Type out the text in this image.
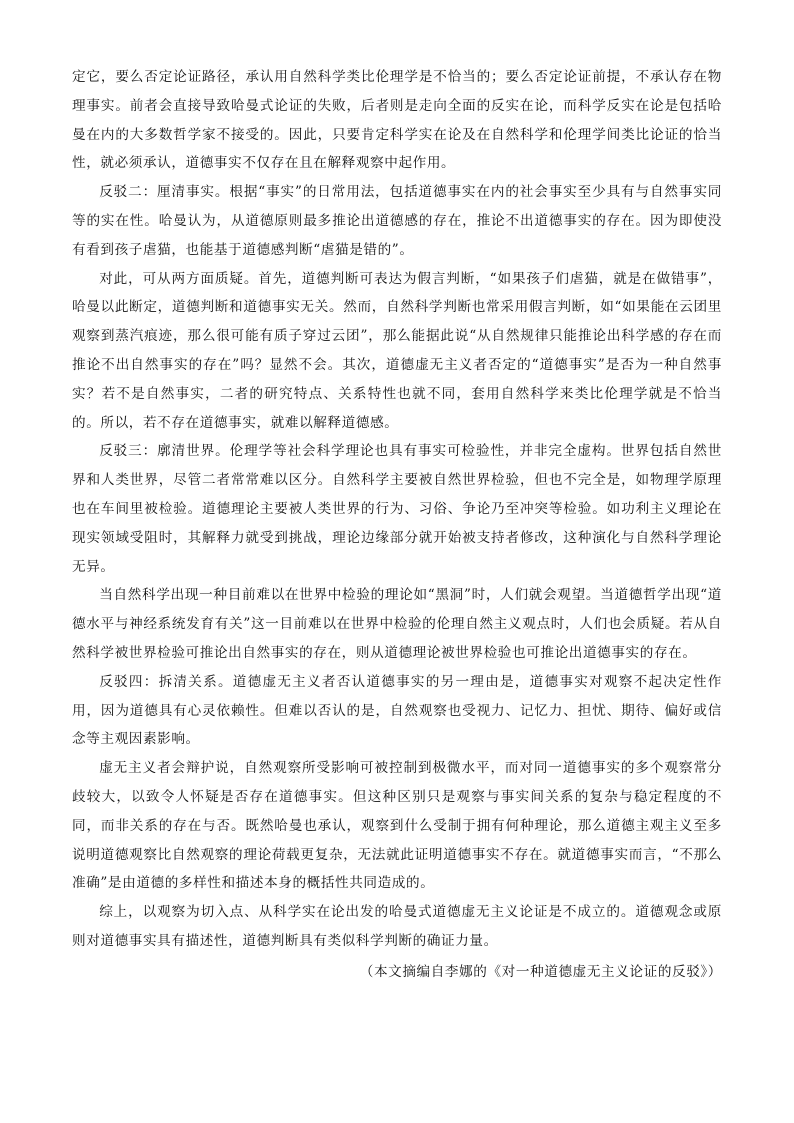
定它，要么否定论证路径，承认用自然科学类比伦理学是不恰当的；要么否定论证前提，不承认存在物理事实。前者会直接导致哈曼式论证的失败，后者则是走向全面的反实在论，而科学反实在论是包括哈曼在内的大多数哲学家不接受的。因此，只要肯定科学实在论及在自然科学和伦理学间类比论证的恰当性，就必须承认，道德事实不仅存在且在解释观察中起作用。

反驳二：厘清事实。根据“事实”的日常用法，包括道德事实在内的社会事实至少具有与自然事实同等的实在性。哈曼认为，从道德原则最多推论出道德感的存在，推论不出道德事实的存在。因为即使没有看到孩子虐猫，也能基于道德感判断“虐猫是错的”。

对此，可从两方面质疑。首先，道德判断可表达为假言判断，“如果孩子们虐猫，就是在做错事”，哈曼以此断定，道德判断和道德事实无关。然而，自然科学判断也常采用假言判断，如“如果能在云团里观察到蒸汽痕迹，那么很可能有质子穿过云团”，那么能据此说“从自然规律只能推论出科学感的存在而推论不出自然事实的存在”吗？显然不会。其次，道德虚无主义者否定的“道德事实”是否为一种自然事实？若不是自然事实，二者的研究特点、关系特性也就不同，套用自然科学来类比伦理学就是不恰当的。所以，若不存在道德事实，就难以解释道德感。

反驳三：廓清世界。伦理学等社会科学理论也具有事实可检验性，并非完全虚构。世界包括自然世界和人类世界，尽管二者常常难以区分。自然科学主要被自然世界检验，但也不完全是，如物理学原理也在车间里被检验。道德理论主要被人类世界的行为、习俗、争论乃至冲突等检验。如功利主义理论在现实领域受阻时，其解释力就受到挑战，理论边缘部分就开始被支持者修改，这种演化与自然科学理论无异。

当自然科学出现一种目前难以在世界中检验的理论如“黑洞”时，人们就会观望。当道德哲学出现“道德水平与神经系统发育有关”这一目前难以在世界中检验的伦理自然主义观点时，人们也会质疑。若从自然科学被世界检验可推论出自然事实的存在，则从道德理论被世界检验也可推论出道德事实的存在。

反驳四：拆清关系。道德虚无主义者否认道德事实的另一理由是，道德事实对观察不起决定性作用，因为道德具有心灵依赖性。但难以否认的是，自然观察也受视力、记忆力、担忧、期待、偏好或信念等主观因素影响。

虚无主义者会辩护说，自然观察所受影响可被控制到极微水平，而对同一道德事实的多个观察常分歧较大，以致令人怀疑是否存在道德事实。但这种区别只是观察与事实间关系的复杂与稳定程度的不同，而非关系的存在与否。既然哈曼也承认，观察到什么受制于拥有何种理论，那么道德主观主义至多说明道德观察比自然观察的理论荷载更复杂，无法就此证明道德事实不存在。就道德事实而言，“不那么准确”是由道德的多样性和描述本身的概括性共同造成的。

综上，以观察为切入点、从科学实在论出发的哈曼式道德虚无主义论证是不成立的。道德观念或原则对道德事实具有描述性，道德判断具有类似科学判断的确证力量。

（本文摘编自李娜的《对一种道德虚无主义论证的反驳》）
